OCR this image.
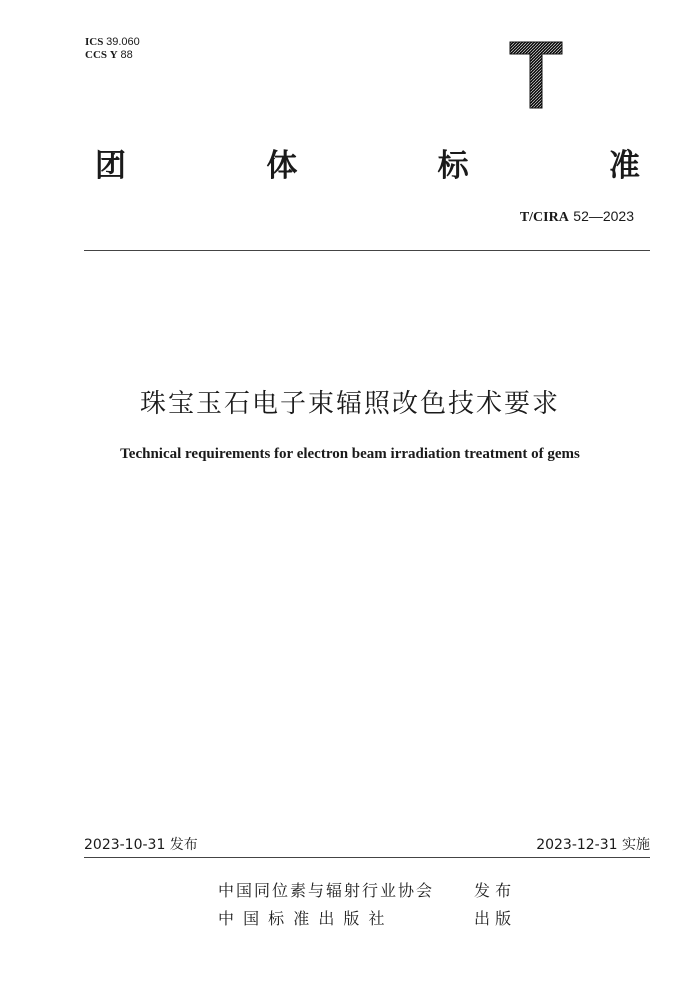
ICS 39.060
CCS Y 88
T
团	体	标	准
T/CIRA 52—2023
珠宝玉石电子束辐照改色技术要求
Technical requirements for electron beam irradiation treatment of gems
2023-10-31 发布	2023-12-31 实施
中国同位素与辐射行业协会	发 布
中 国 标 准 出 版 社	出 版
